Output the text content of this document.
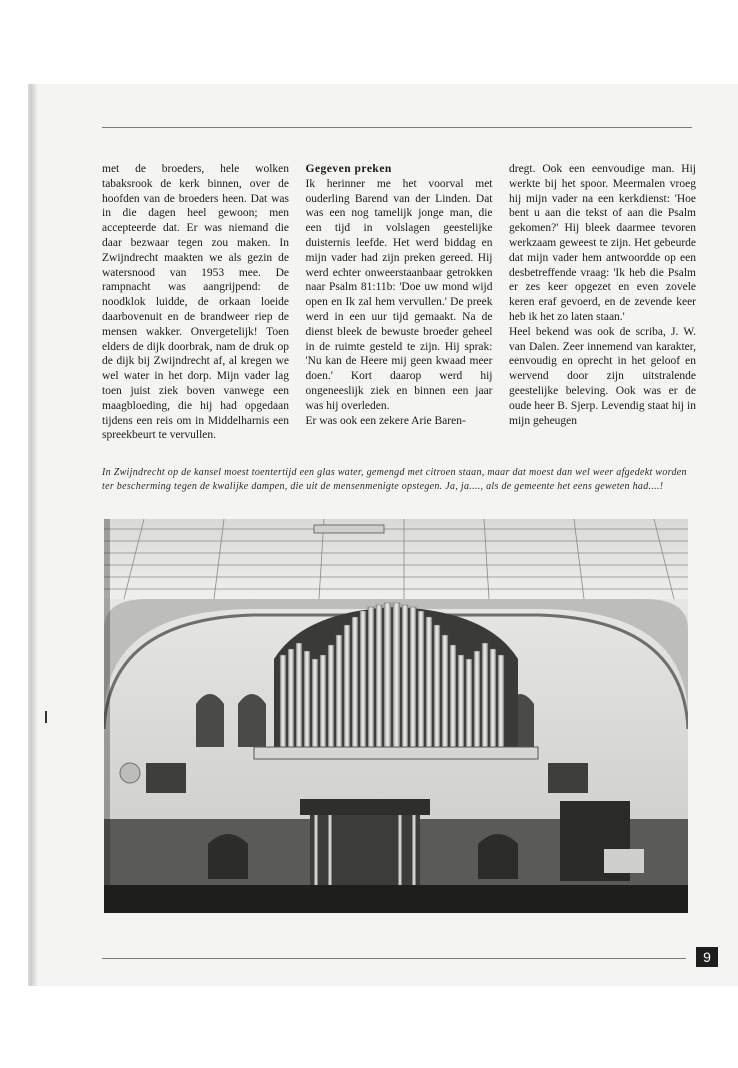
met de broeders, hele wolken tabaksrook de kerk binnen, over de hoofden van de broeders heen. Dat was in die dagen heel gewoon; men accepteerde dat. Er was niemand die daar bezwaar tegen zou maken. In Zwijndrecht maakten we als gezin de watersnood van 1953 mee. De rampnacht was aangrijpend: de noodklok luidde, de orkaan loeide daarbovenuit en de brandweer riep de mensen wakker. Onvergetelijk! Toen elders de dijk doorbrak, nam de druk op de dijk bij Zwijndrecht af, al kregen we wel water in het dorp. Mijn vader lag toen juist ziek boven vanwege een maagbloeding, die hij had opgedaan tijdens een reis om in Middelharnis een spreekbeurt te vervullen.

Gegeven preken

Ik herinner me het voorval met ouderling Barend van der Linden. Dat was een nog tamelijk jonge man, die een tijd in volslagen geestelijke duisternis leefde. Het werd biddag en mijn vader had zijn preken gereed. Hij werd echter onweerstaanbaar getrokken naar Psalm 81:11b: 'Doe uw mond wijd open en Ik zal hem vervullen.' De preek werd in een uur tijd gemaakt. Na de dienst bleek de bewuste broeder geheel in de ruimte gesteld te zijn. Hij sprak: 'Nu kan de Heere mij geen kwaad meer doen.' Kort daarop werd hij ongeneeslijk ziek en binnen een jaar was hij overleden.

Er was ook een zekere Arie Baren-

dregt. Ook een eenvoudige man. Hij werkte bij het spoor. Meermalen vroeg hij mijn vader na een kerkdienst: 'Hoe bent u aan die tekst of aan die Psalm gekomen?' Hij bleek daarmee tevoren werkzaam geweest te zijn. Het gebeurde dat mijn vader hem antwoordde op een desbetreffende vraag: 'Ik heb die Psalm er zes keer opgezet en even zovele keren eraf gevoerd, en de zevende keer heb ik het zo laten staan.'

Heel bekend was ook de scriba, J. W. van Dalen. Zeer innemend van karakter, eenvoudig en oprecht in het geloof en wervend door zijn uitstralende geestelijke beleving. Ook was er de oude heer B. Sjerp. Levendig staat hij in mijn geheugen

In Zwijndrecht op de kansel moest toentertijd een glas water, gemengd met citroen staan, maar dat moest dan wel weer afgedekt worden ter bescherming tegen de kwalijke dampen, die uit de mensenmenigte opstegen. Ja, ja...., als de gemeente het eens geweten had....!
9
